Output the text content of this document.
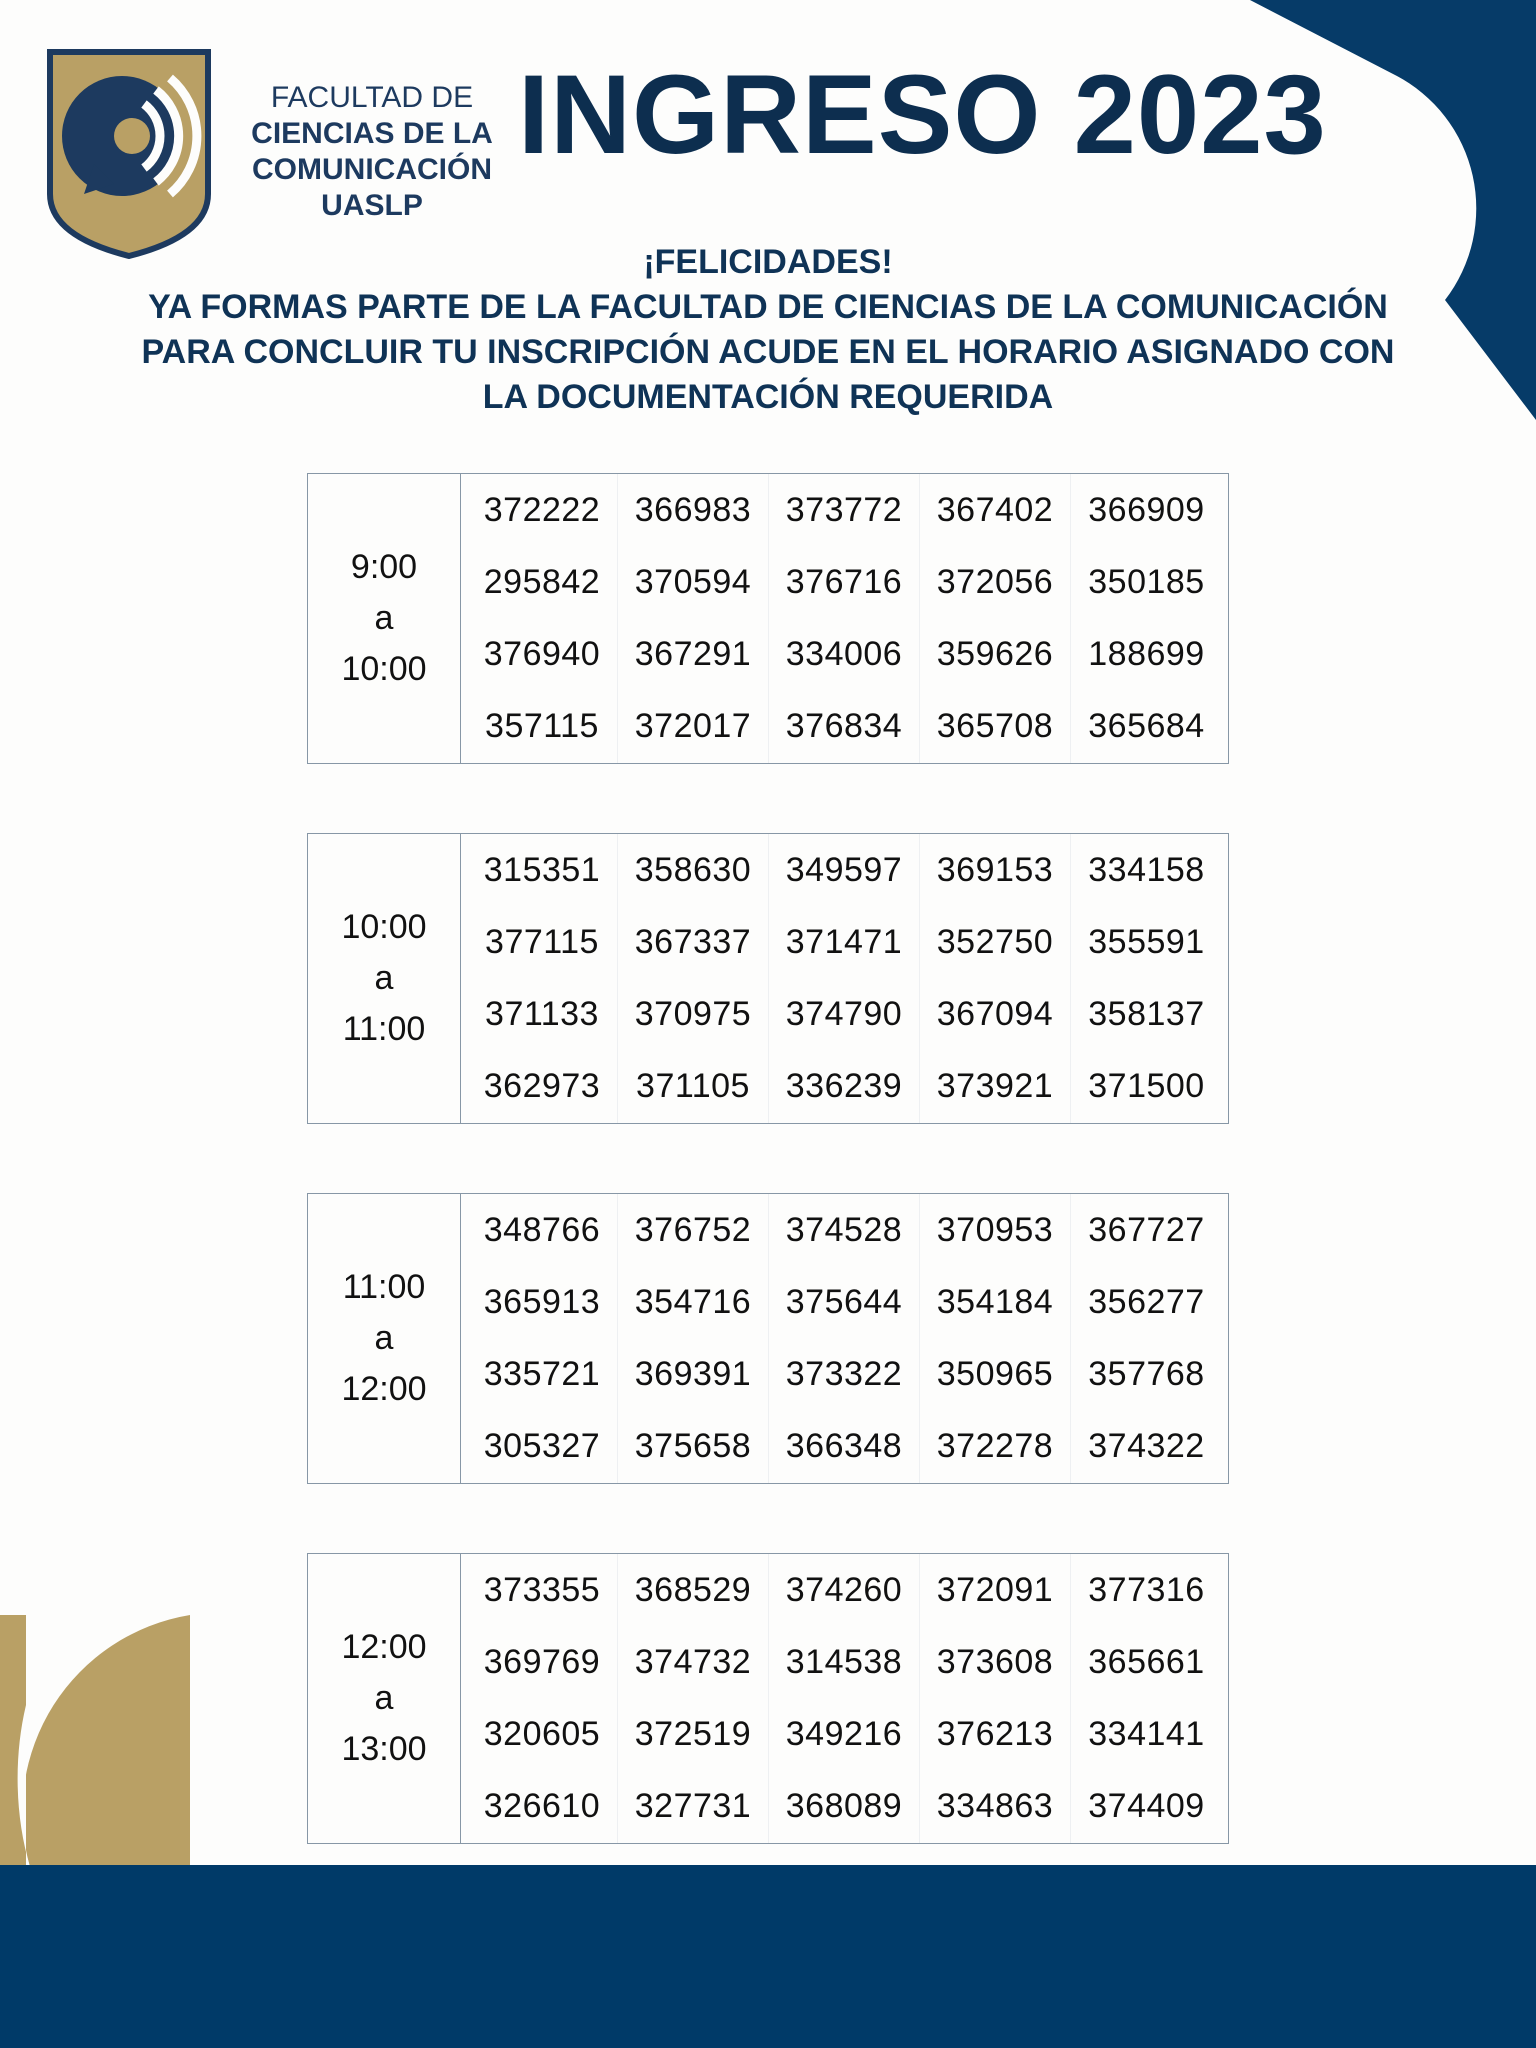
FACULTAD DE
CIENCIAS DE LA
COMUNICACIÓN
UASLP
INGRESO 2023
¡FELICIDADES!
YA FORMAS PARTE DE LA FACULTAD DE CIENCIAS DE LA COMUNICACIÓN
PARA CONCLUIR TU INSCRIPCIÓN ACUDE EN EL HORARIO ASIGNADO CON
LA DOCUMENTACIÓN REQUERIDA
9:00
a
10:00
372222	366983	373772	367402	366909
295842	370594	376716	372056	350185
376940	367291	334006	359626	188699
357115	372017	376834	365708	365684
10:00
a
11:00
315351	358630	349597	369153	334158
377115	367337	371471	352750	355591
371133	370975	374790	367094	358137
362973	371105	336239	373921	371500
11:00
a
12:00
348766	376752	374528	370953	367727
365913	354716	375644	354184	356277
335721	369391	373322	350965	357768
305327	375658	366348	372278	374322
12:00
a
13:00
373355	368529	374260	372091	377316
369769	374732	314538	373608	365661
320605	372519	349216	376213	334141
326610	327731	368089	334863	374409
